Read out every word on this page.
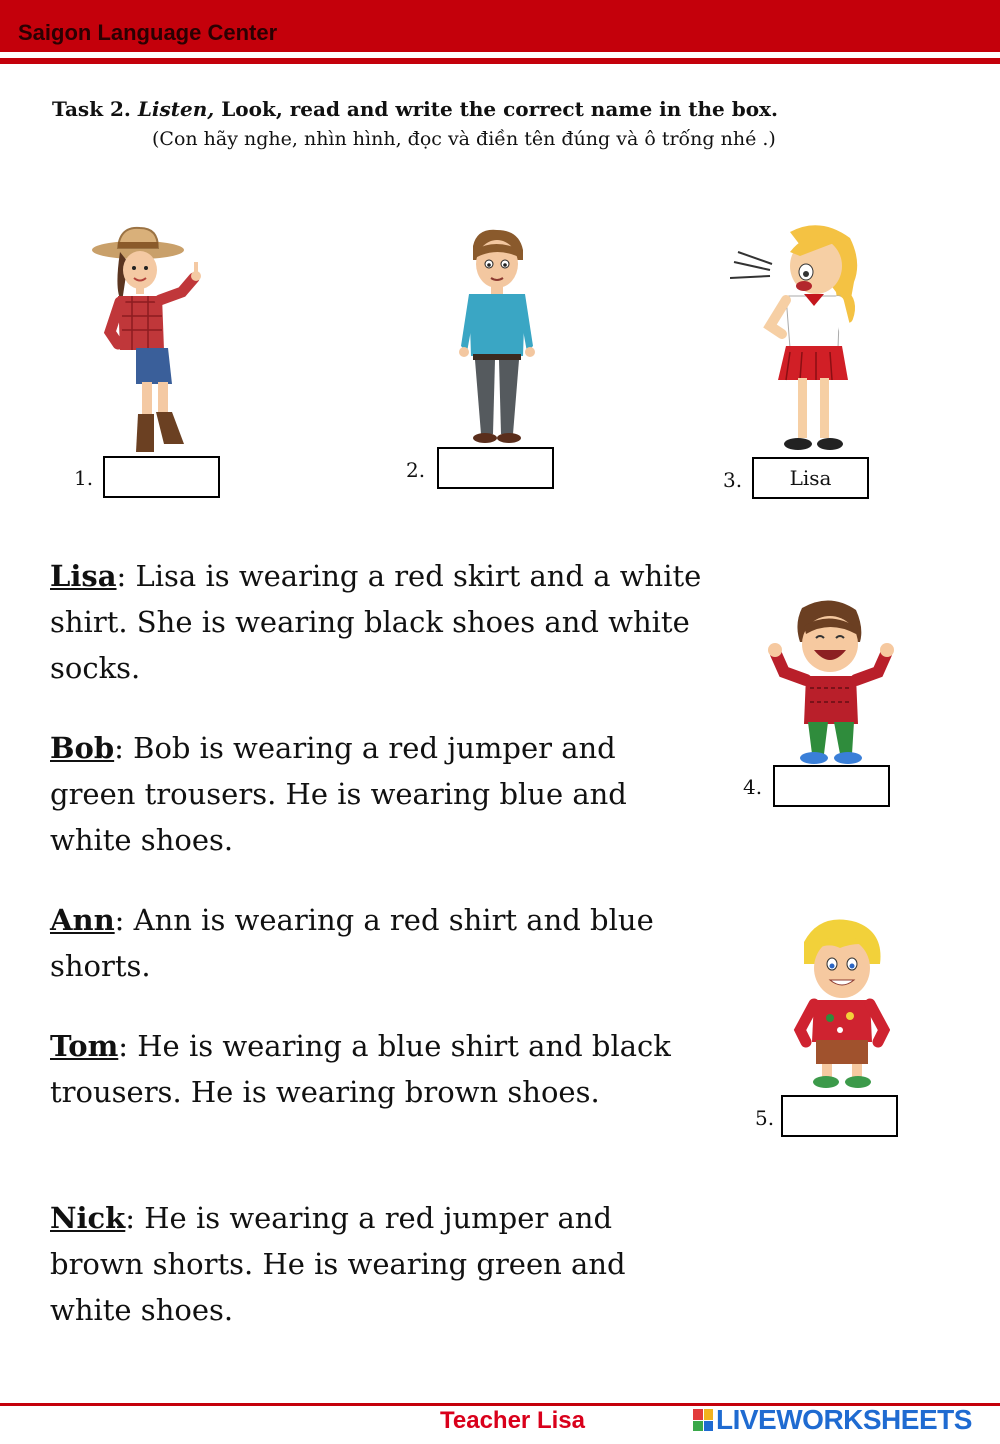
Saigon Language Center
Task 2. Listen, Look, read and write the correct name in the box.
(Con hãy nghe, nhìn hình, đọc và điền tên đúng và ô trống nhé .)
1.	2.	3.	Lisa
Lisa: Lisa is wearing a red skirt and a white shirt. She is wearing black shoes and white socks.
Bob: Bob is wearing a red jumper and green trousers. He is wearing blue and white shoes.
Ann: Ann is wearing a red shirt and blue shorts.
Tom: He is wearing a blue shirt and black trousers. He is wearing brown shoes.
Nick: He is wearing a red jumper and brown shorts. He is wearing green and white shoes.
4.
5.
Teacher Lisa	LIVEWORKSHEETS
